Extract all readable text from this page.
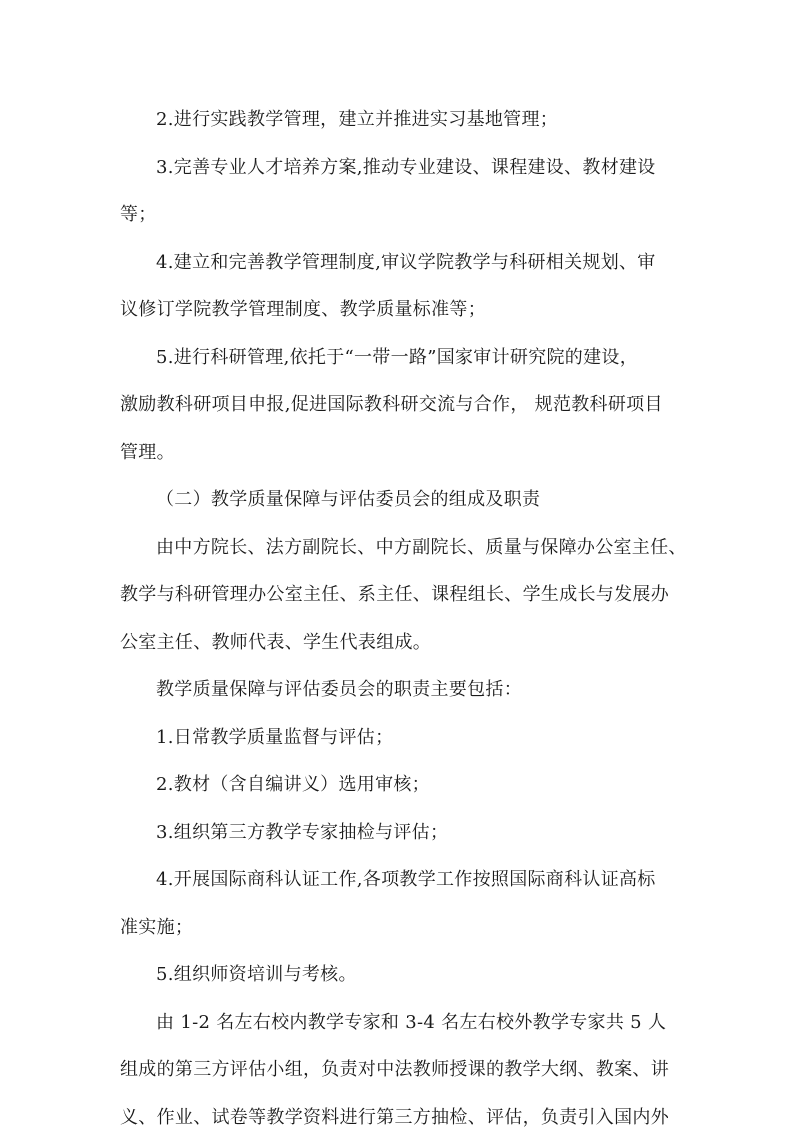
2.进行实践教学管理，建立并推进实习基地管理；
3.完善专业人才培养方案,推动专业建设、课程建设、教材建设
等；
4.建立和完善教学管理制度,审议学院教学与科研相关规划、审
议修订学院教学管理制度、教学质量标准等；
5.进行科研管理,依托于“一带一路”国家审计研究院的建设，
激励教科研项目申报,促进国际教科研交流与合作， 规范教科研项目
管理。
（二）教学质量保障与评估委员会的组成及职责
由中方院长、法方副院长、中方副院长、质量与保障办公室主任、
教学与科研管理办公室主任、系主任、课程组长、学生成长与发展办
公室主任、教师代表、学生代表组成。
教学质量保障与评估委员会的职责主要包括：
1.日常教学质量监督与评估；
2.教材（含自编讲义）选用审核；
3.组织第三方教学专家抽检与评估；
4.开展国际商科认证工作,各项教学工作按照国际商科认证高标
准实施；
5.组织师资培训与考核。
由 1-2 名左右校内教学专家和 3-4 名左右校外教学专家共 5 人
组成的第三方评估小组，负责对中法教师授课的教学大纲、教案、讲
义、作业、试卷等教学资料进行第三方抽检、评估，负责引入国内外
